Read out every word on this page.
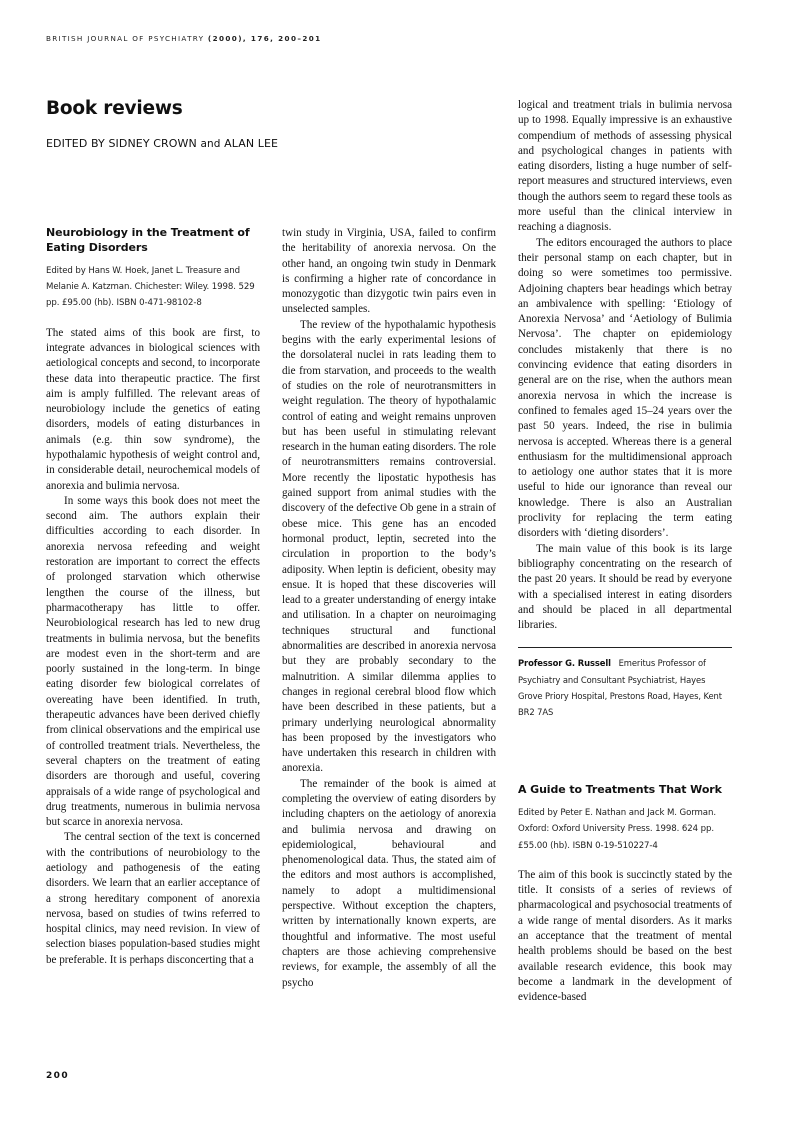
BRITISH JOURNAL OF PSYCHIATRY (2000), 176, 200–201
Book reviews
EDITED BY SIDNEY CROWN and ALAN LEE
Neurobiology in the Treatment of Eating Disorders
Edited by Hans W. Hoek, Janet L. Treasure and Melanie A. Katzman. Chichester: Wiley. 1998. 529 pp. £95.00 (hb). ISBN 0-471-98102-8

The stated aims of this book are first, to integrate advances in biological sciences with aetiological concepts and second, to incorporate these data into therapeutic practice. The first aim is amply fulfilled. The relevant areas of neurobiology include the genetics of eating disorders, models of eating disturbances in animals (e.g. thin sow syndrome), the hypothalamic hypothesis of weight control and, in considerable detail, neurochemical models of anorexia and bulimia nervosa.

In some ways this book does not meet the second aim. The authors explain their difficulties according to each disorder. In anorexia nervosa refeeding and weight restoration are important to correct the effects of prolonged starvation which otherwise lengthen the course of the illness, but pharmacotherapy has little to offer. Neurobiological research has led to new drug treatments in bulimia nervosa, but the benefits are modest even in the short-term and are poorly sustained in the long-term. In binge eating disorder few biological correlates of overeating have been identified. In truth, therapeutic advances have been derived chiefly from clinical observations and the empirical use of controlled treatment trials. Nevertheless, the several chapters on the treatment of eating disorders are thorough and useful, covering appraisals of a wide range of psychological and drug treatments, numerous in bulimia nervosa but scarce in anorexia nervosa.

The central section of the text is concerned with the contributions of neurobiology to the aetiology and pathogenesis of the eating disorders. We learn that an earlier acceptance of a strong hereditary component of anorexia nervosa, based on studies of twins referred to hospital clinics, may need revision. In view of selection biases population-based studies might be preferable. It is perhaps disconcerting that a

twin study in Virginia, USA, failed to confirm the heritability of anorexia nervosa. On the other hand, an ongoing twin study in Denmark is confirming a higher rate of concordance in monozygotic than dizygotic twin pairs even in unselected samples.

The review of the hypothalamic hypothesis begins with the early experimental lesions of the dorsolateral nuclei in rats leading them to die from starvation, and proceeds to the wealth of studies on the role of neurotransmitters in weight regulation. The theory of hypothalamic control of eating and weight remains unproven but has been useful in stimulating relevant research in the human eating disorders. The role of neurotransmitters remains controversial. More recently the lipostatic hypothesis has gained support from animal studies with the discovery of the defective Ob gene in a strain of obese mice. This gene has an encoded hormonal product, leptin, secreted into the circulation in proportion to the body’s adiposity. When leptin is deficient, obesity may ensue. It is hoped that these discoveries will lead to a greater understanding of energy intake and utilisation. In a chapter on neuroimaging techniques structural and functional abnormalities are described in anorexia nervosa but they are probably secondary to the malnutrition. A similar dilemma applies to changes in regional cerebral blood flow which have been described in these patients, but a primary underlying neurological abnormality has been proposed by the investigators who have undertaken this research in children with anorexia.

The remainder of the book is aimed at completing the overview of eating disorders by including chapters on the aetiology of anorexia and bulimia nervosa and drawing on epidemiological, behavioural and phenomenological data. Thus, the stated aim of the editors and most authors is accomplished, namely to adopt a multidimensional perspective. Without exception the chapters, written by internationally known experts, are thoughtful and informative. The most useful chapters are those achieving comprehensive reviews, for example, the assembly of all the psycho

logical and treatment trials in bulimia nervosa up to 1998. Equally impressive is an exhaustive compendium of methods of assessing physical and psychological changes in patients with eating disorders, listing a huge number of self-report measures and structured interviews, even though the authors seem to regard these tools as more useful than the clinical interview in reaching a diagnosis.

The editors encouraged the authors to place their personal stamp on each chapter, but in doing so were sometimes too permissive. Adjoining chapters bear headings which betray an ambivalence with spelling: ‘Etiology of Anorexia Nervosa’ and ‘Aetiology of Bulimia Nervosa’. The chapter on epidemiology concludes mistakenly that there is no convincing evidence that eating disorders in general are on the rise, when the authors mean anorexia nervosa in which the increase is confined to females aged 15–24 years over the past 50 years. Indeed, the rise in bulimia nervosa is accepted. Whereas there is a general enthusiasm for the multidimensional approach to aetiology one author states that it is more useful to hide our ignorance than reveal our knowledge. There is also an Australian proclivity for replacing the term eating disorders with ‘dieting disorders’.

The main value of this book is its large bibliography concentrating on the research of the past 20 years. It should be read by everyone with a specialised interest in eating disorders and should be placed in all departmental libraries.

Professor G. Russell Emeritus Professor of Psychiatry and Consultant Psychiatrist, Hayes Grove Priory Hospital, Prestons Road, Hayes, Kent BR2 7AS
A Guide to Treatments That Work
Edited by Peter E. Nathan and Jack M. Gorman. Oxford: Oxford University Press. 1998. 624 pp. £55.00 (hb). ISBN 0-19-510227-4

The aim of this book is succinctly stated by the title. It consists of a series of reviews of pharmacological and psychosocial treatments of a wide range of mental disorders. As it marks an acceptance that the treatment of mental health problems should be based on the best available research evidence, this book may become a landmark in the development of evidence-based

200
